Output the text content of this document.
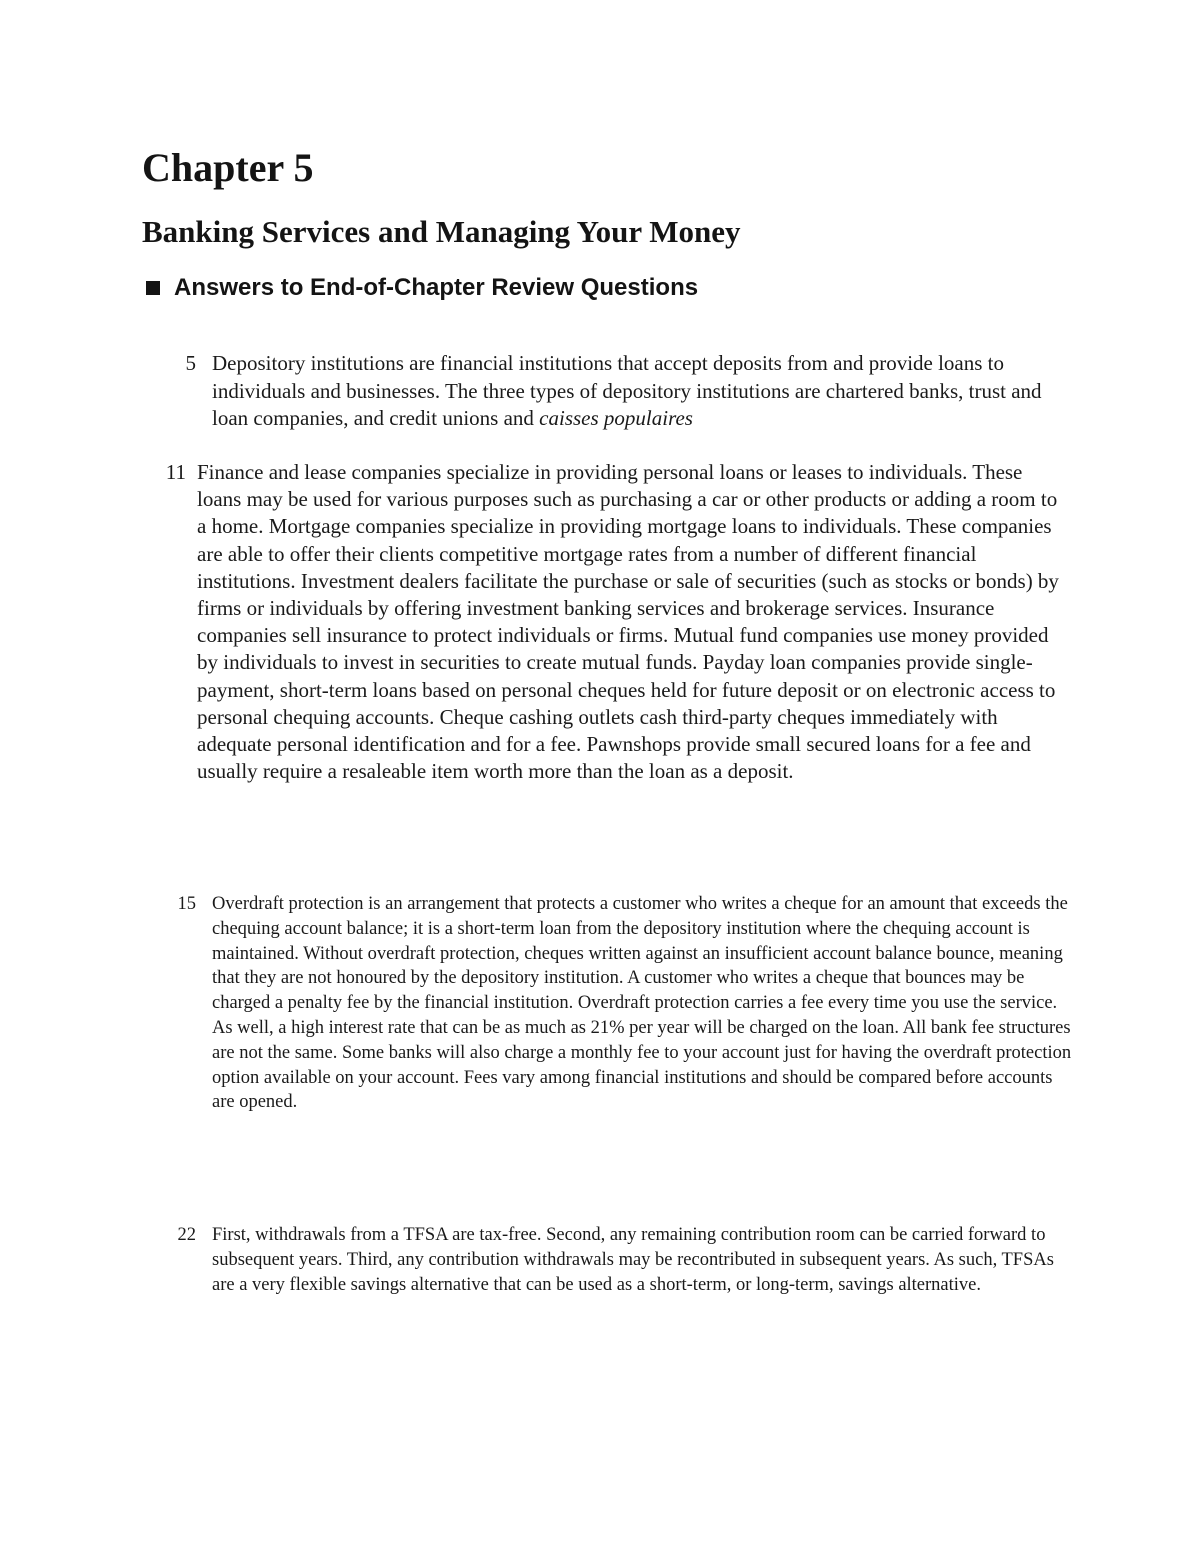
Chapter 5
Banking Services and Managing Your Money
Answers to End-of-Chapter Review Questions
5 Depository institutions are financial institutions that accept deposits from and provide loans to individuals and businesses. The three types of depository institutions are chartered banks, trust and loan companies, and credit unions and caisses populaires

11 Finance and lease companies specialize in providing personal loans or leases to individuals. These loans may be used for various purposes such as purchasing a car or other products or adding a room to a home. Mortgage companies specialize in providing mortgage loans to individuals. These companies are able to offer their clients competitive mortgage rates from a number of different financial institutions. Investment dealers facilitate the purchase or sale of securities (such as stocks or bonds) by firms or individuals by offering investment banking services and brokerage services. Insurance companies sell insurance to protect individuals or firms. Mutual fund companies use money provided by individuals to invest in securities to create mutual funds. Payday loan companies provide single- payment, short-term loans based on personal cheques held for future deposit or on electronic access to personal chequing accounts. Cheque cashing outlets cash third-party cheques immediately with adequate personal identification and for a fee. Pawnshops provide small secured loans for a fee and usually require a resaleable item worth more than the loan as a deposit.

15 Overdraft protection is an arrangement that protects a customer who writes a cheque for an amount that exceeds the chequing account balance; it is a short-term loan from the depository institution where the chequing account is maintained. Without overdraft protection, cheques written against an insufficient account balance bounce, meaning that they are not honoured by the depository institution. A customer who writes a cheque that bounces may be charged a penalty fee by the financial institution. Overdraft protection carries a fee every time you use the service. As well, a high interest rate that can be as much as 21% per year will be charged on the loan. All bank fee structures are not the same. Some banks will also charge a monthly fee to your account just for having the overdraft protection option available on your account. Fees vary among financial institutions and should be compared before accounts are opened.

22 First, withdrawals from a TFSA are tax-free. Second, any remaining contribution room can be carried forward to subsequent years. Third, any contribution withdrawals may be recontributed in subsequent years. As such, TFSAs are a very flexible savings alternative that can be used as a short-term, or long-term, savings alternative.
